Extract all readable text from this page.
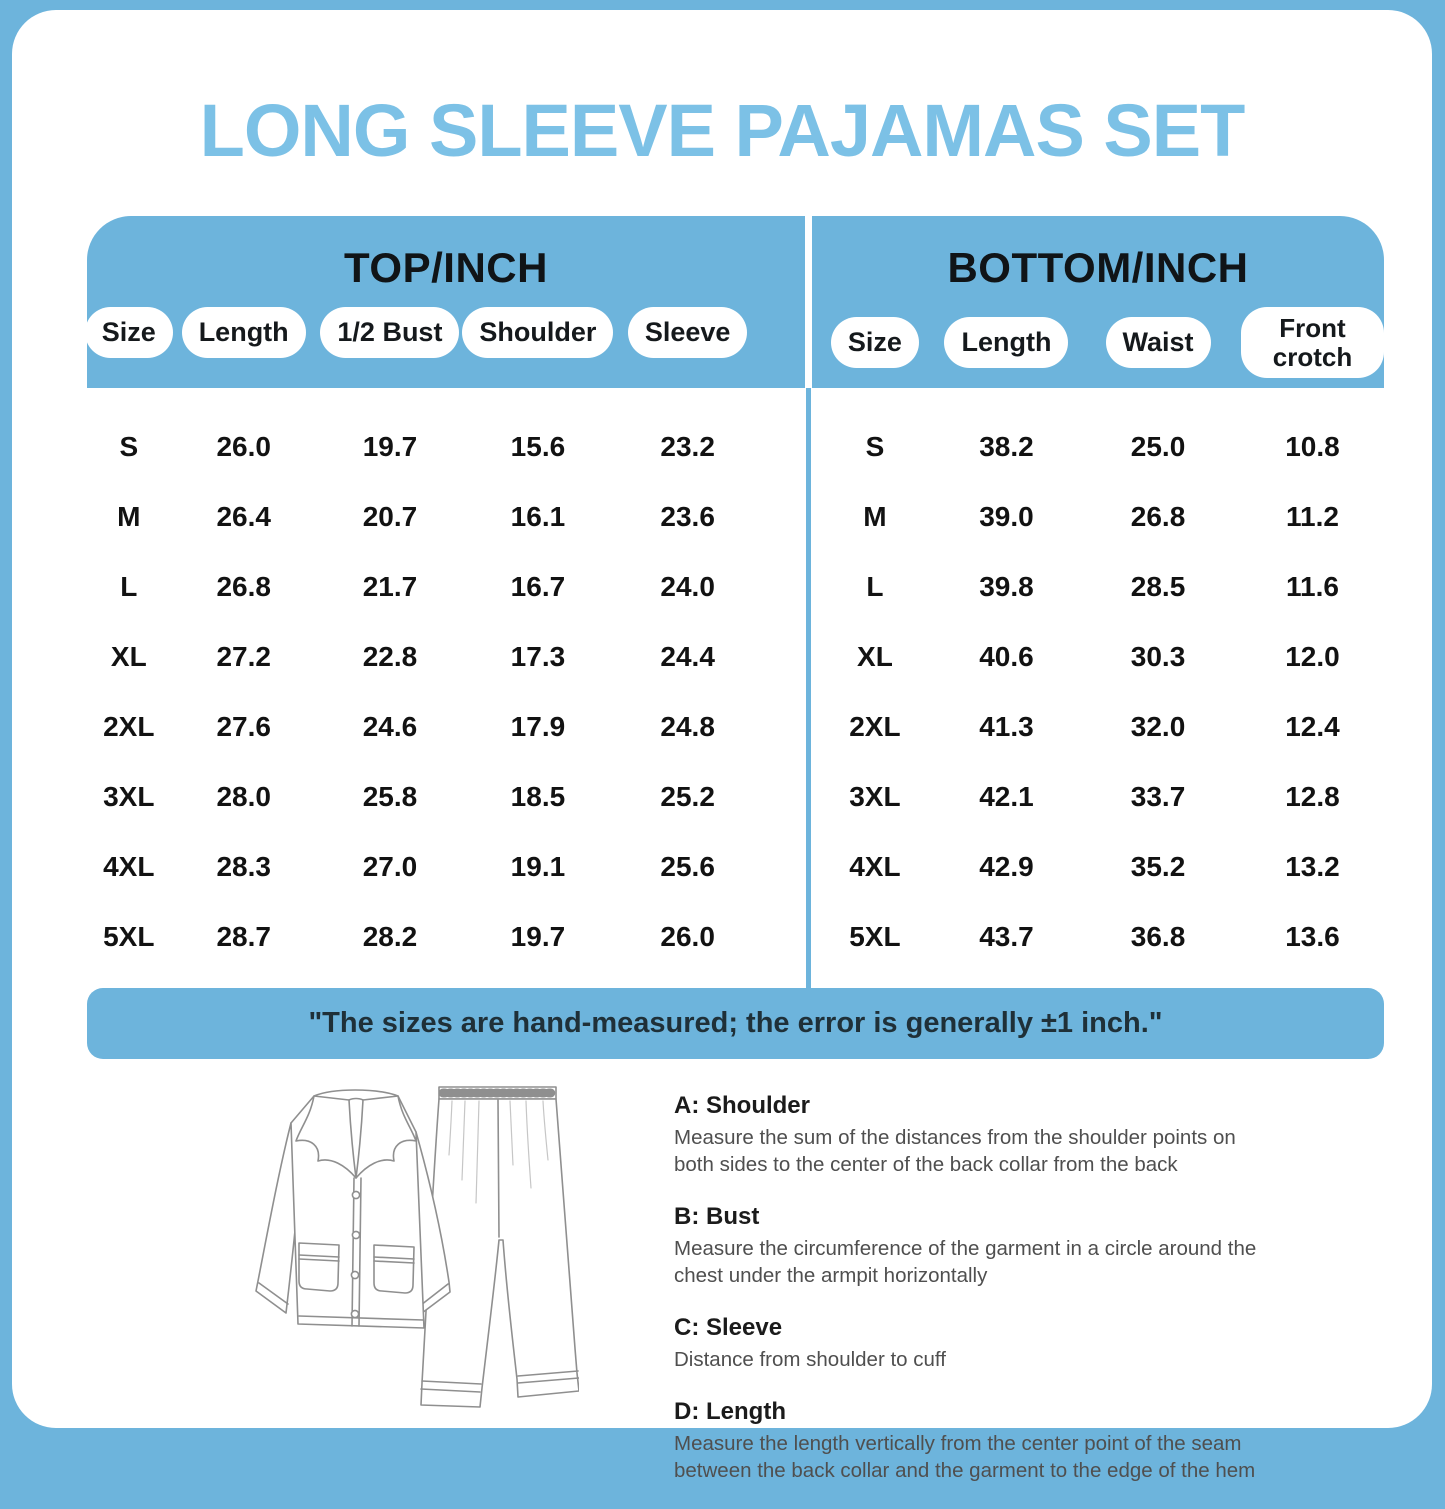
LONG SLEEVE PAJAMAS SET
TOP/INCH
Size	Length	1/2 Bust	Shoulder	Sleeve
S	26.0	19.7	15.6	23.2
M	26.4	20.7	16.1	23.6
L	26.8	21.7	16.7	24.0
XL	27.2	22.8	17.3	24.4
2XL	27.6	24.6	17.9	24.8
3XL	28.0	25.8	18.5	25.2
4XL	28.3	27.0	19.1	25.6
5XL	28.7	28.2	19.7	26.0
BOTTOM/INCH
Size	Length	Waist	Front crotch
S	38.2	25.0	10.8
M	39.0	26.8	11.2
L	39.8	28.5	11.6
XL	40.6	30.3	12.0
2XL	41.3	32.0	12.4
3XL	42.1	33.7	12.8
4XL	42.9	35.2	13.2
5XL	43.7	36.8	13.6
"The sizes are hand-measured; the error is generally ±1 inch."
A: Shoulder
Measure the sum of the distances from the shoulder points on both sides to the center of the back collar from the back
B: Bust
Measure the circumference of the garment in a circle around the chest under the armpit horizontally
C: Sleeve
Distance from shoulder to cuff
D: Length
Measure the length vertically from the center point of the seam between the back collar and the garment to the edge of the hem
